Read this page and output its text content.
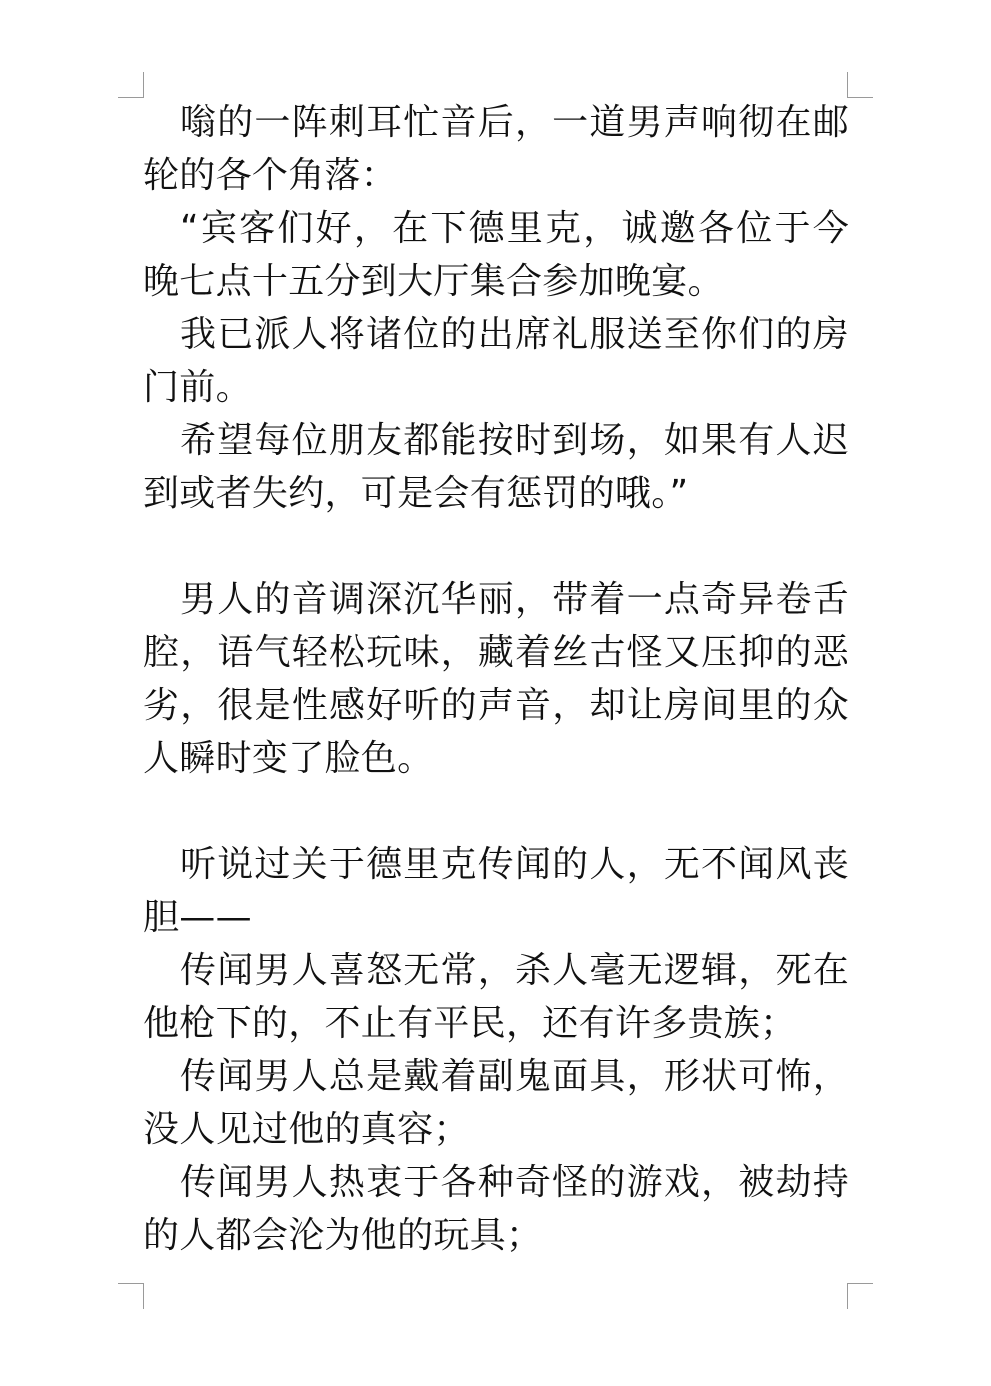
嗡的一阵刺耳忙音后，一道男声响彻在邮轮的各个角落：

“宾客们好，在下德里克，诚邀各位于今晚七点十五分到大厅集合参加晚宴。

我已派人将诸位的出席礼服送至你们的房门前。

希望每位朋友都能按时到场，如果有人迟到或者失约，可是会有惩罚的哦。”

男人的音调深沉华丽，带着一点奇异卷舌腔，语气轻松玩味，藏着丝古怪又压抑的恶劣，很是性感好听的声音，却让房间里的众人瞬时变了脸色。

听说过关于德里克传闻的人，无不闻风丧胆——

传闻男人喜怒无常，杀人毫无逻辑，死在他枪下的，不止有平民，还有许多贵族；

传闻男人总是戴着副鬼面具，形状可怖，没人见过他的真容；

传闻男人热衷于各种奇怪的游戏，被劫持的人都会沦为他的玩具；
